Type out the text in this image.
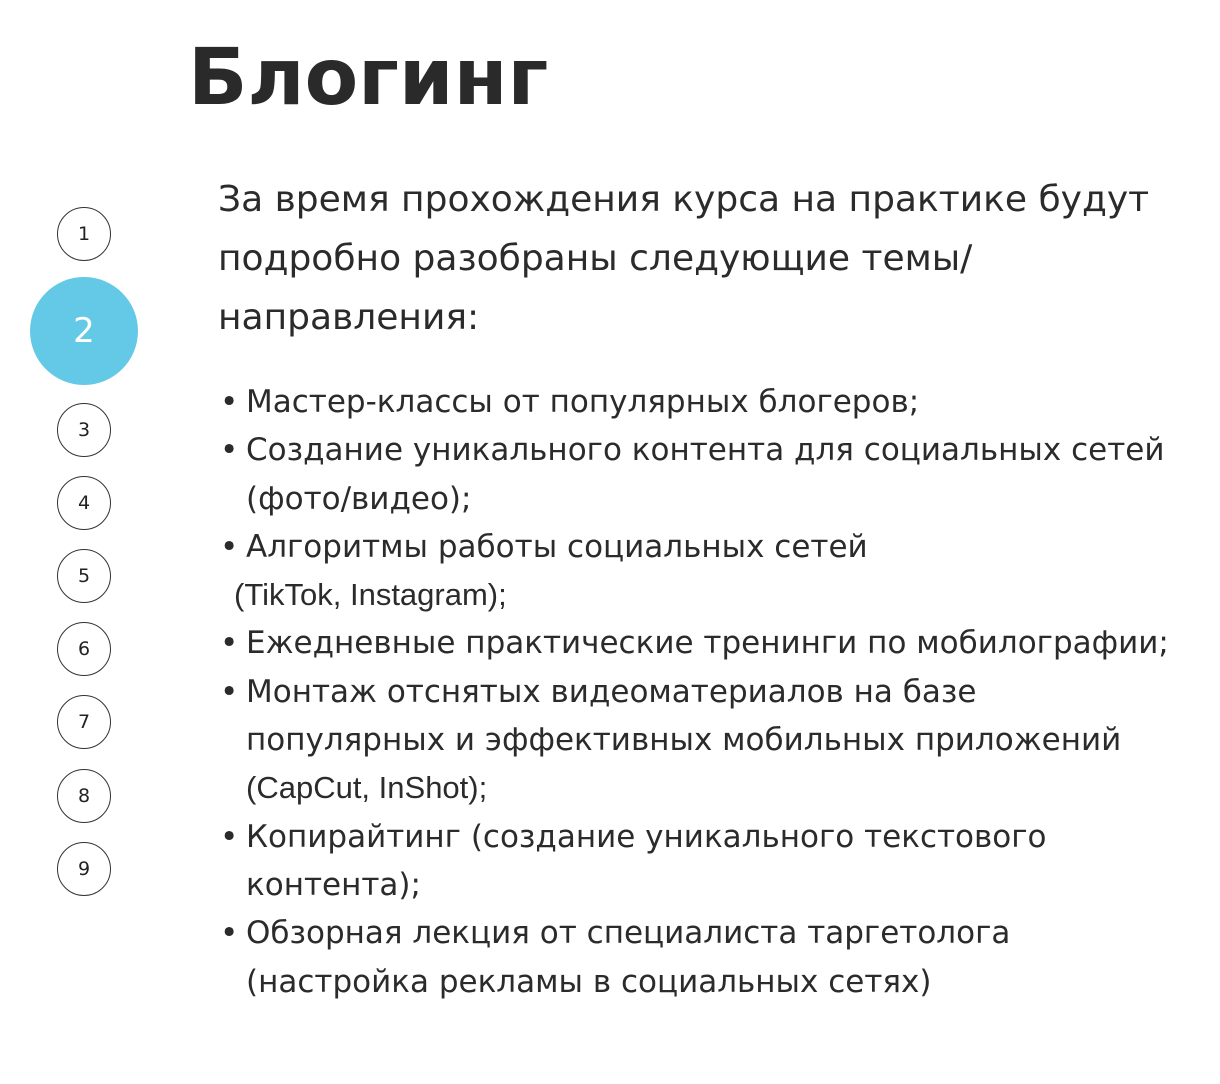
Блогинг
1
2
3
4
5
6
7
8
9

За время прохождения курса на практике будут подробно разобраны следующие темы/направления:

• Мастер-классы от популярных блогеров;
• Создание уникального контента для социальных сетей (фото/видео);
• Алгоритмы работы социальных сетей
(TikTok, Instagram);
• Ежедневные практические тренинги по мобилографии;
• Монтаж отснятых видеоматериалов на базе популярных и эффективных мобильных приложений (CapCut, InShot);
• Копирайтинг (создание уникального текстового контента);
• Обзорная лекция от специалиста таргетолога (настройка рекламы в социальных сетях)
